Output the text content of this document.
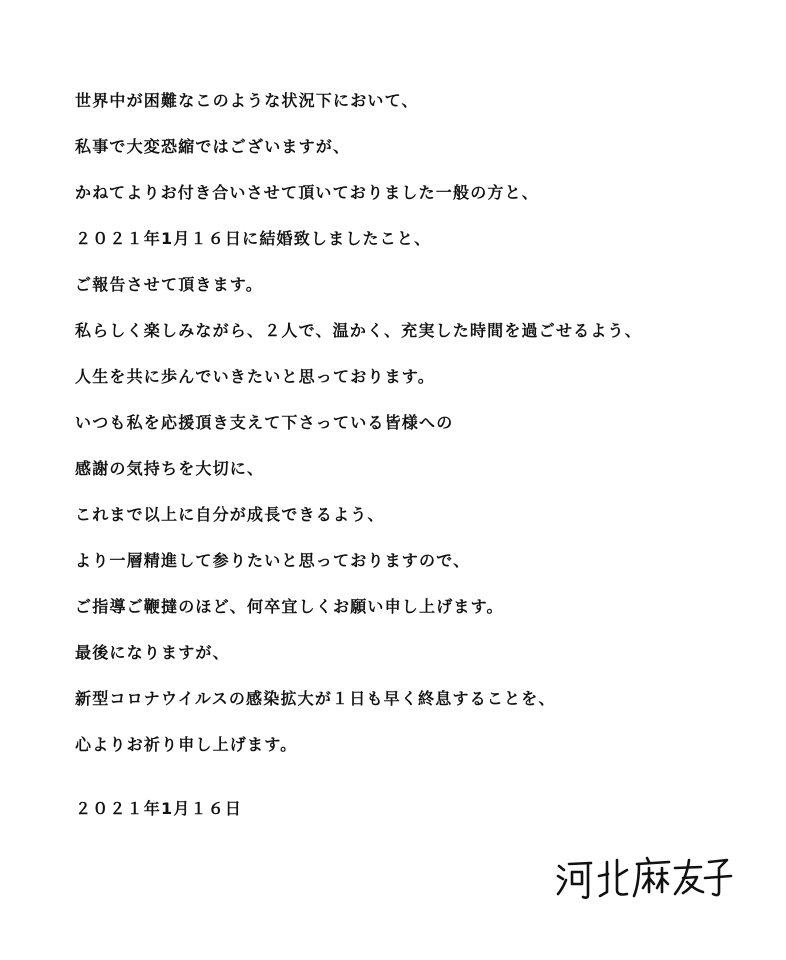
世界中が困難なこのような状況下において、
私事で大変恐縮ではございますが、
かねてよりお付き合いさせて頂いておりました一般の方と、
２０２１年1月１６日に結婚致しましたこと、
ご報告させて頂きます。
私らしく楽しみながら、２人で、温かく、充実した時間を過ごせるよう、
人生を共に歩んでいきたいと思っております。
いつも私を応援頂き支えて下さっている皆様への
感謝の気持ちを大切に、
これまで以上に自分が成長できるよう、
より一層精進して参りたいと思っておりますので、
ご指導ご鞭撻のほど、何卒宜しくお願い申し上げます。
最後になりますが、
新型コロナウイルスの感染拡大が１日も早く終息することを、
心よりお祈り申し上げます。
２０２１年1月１６日
